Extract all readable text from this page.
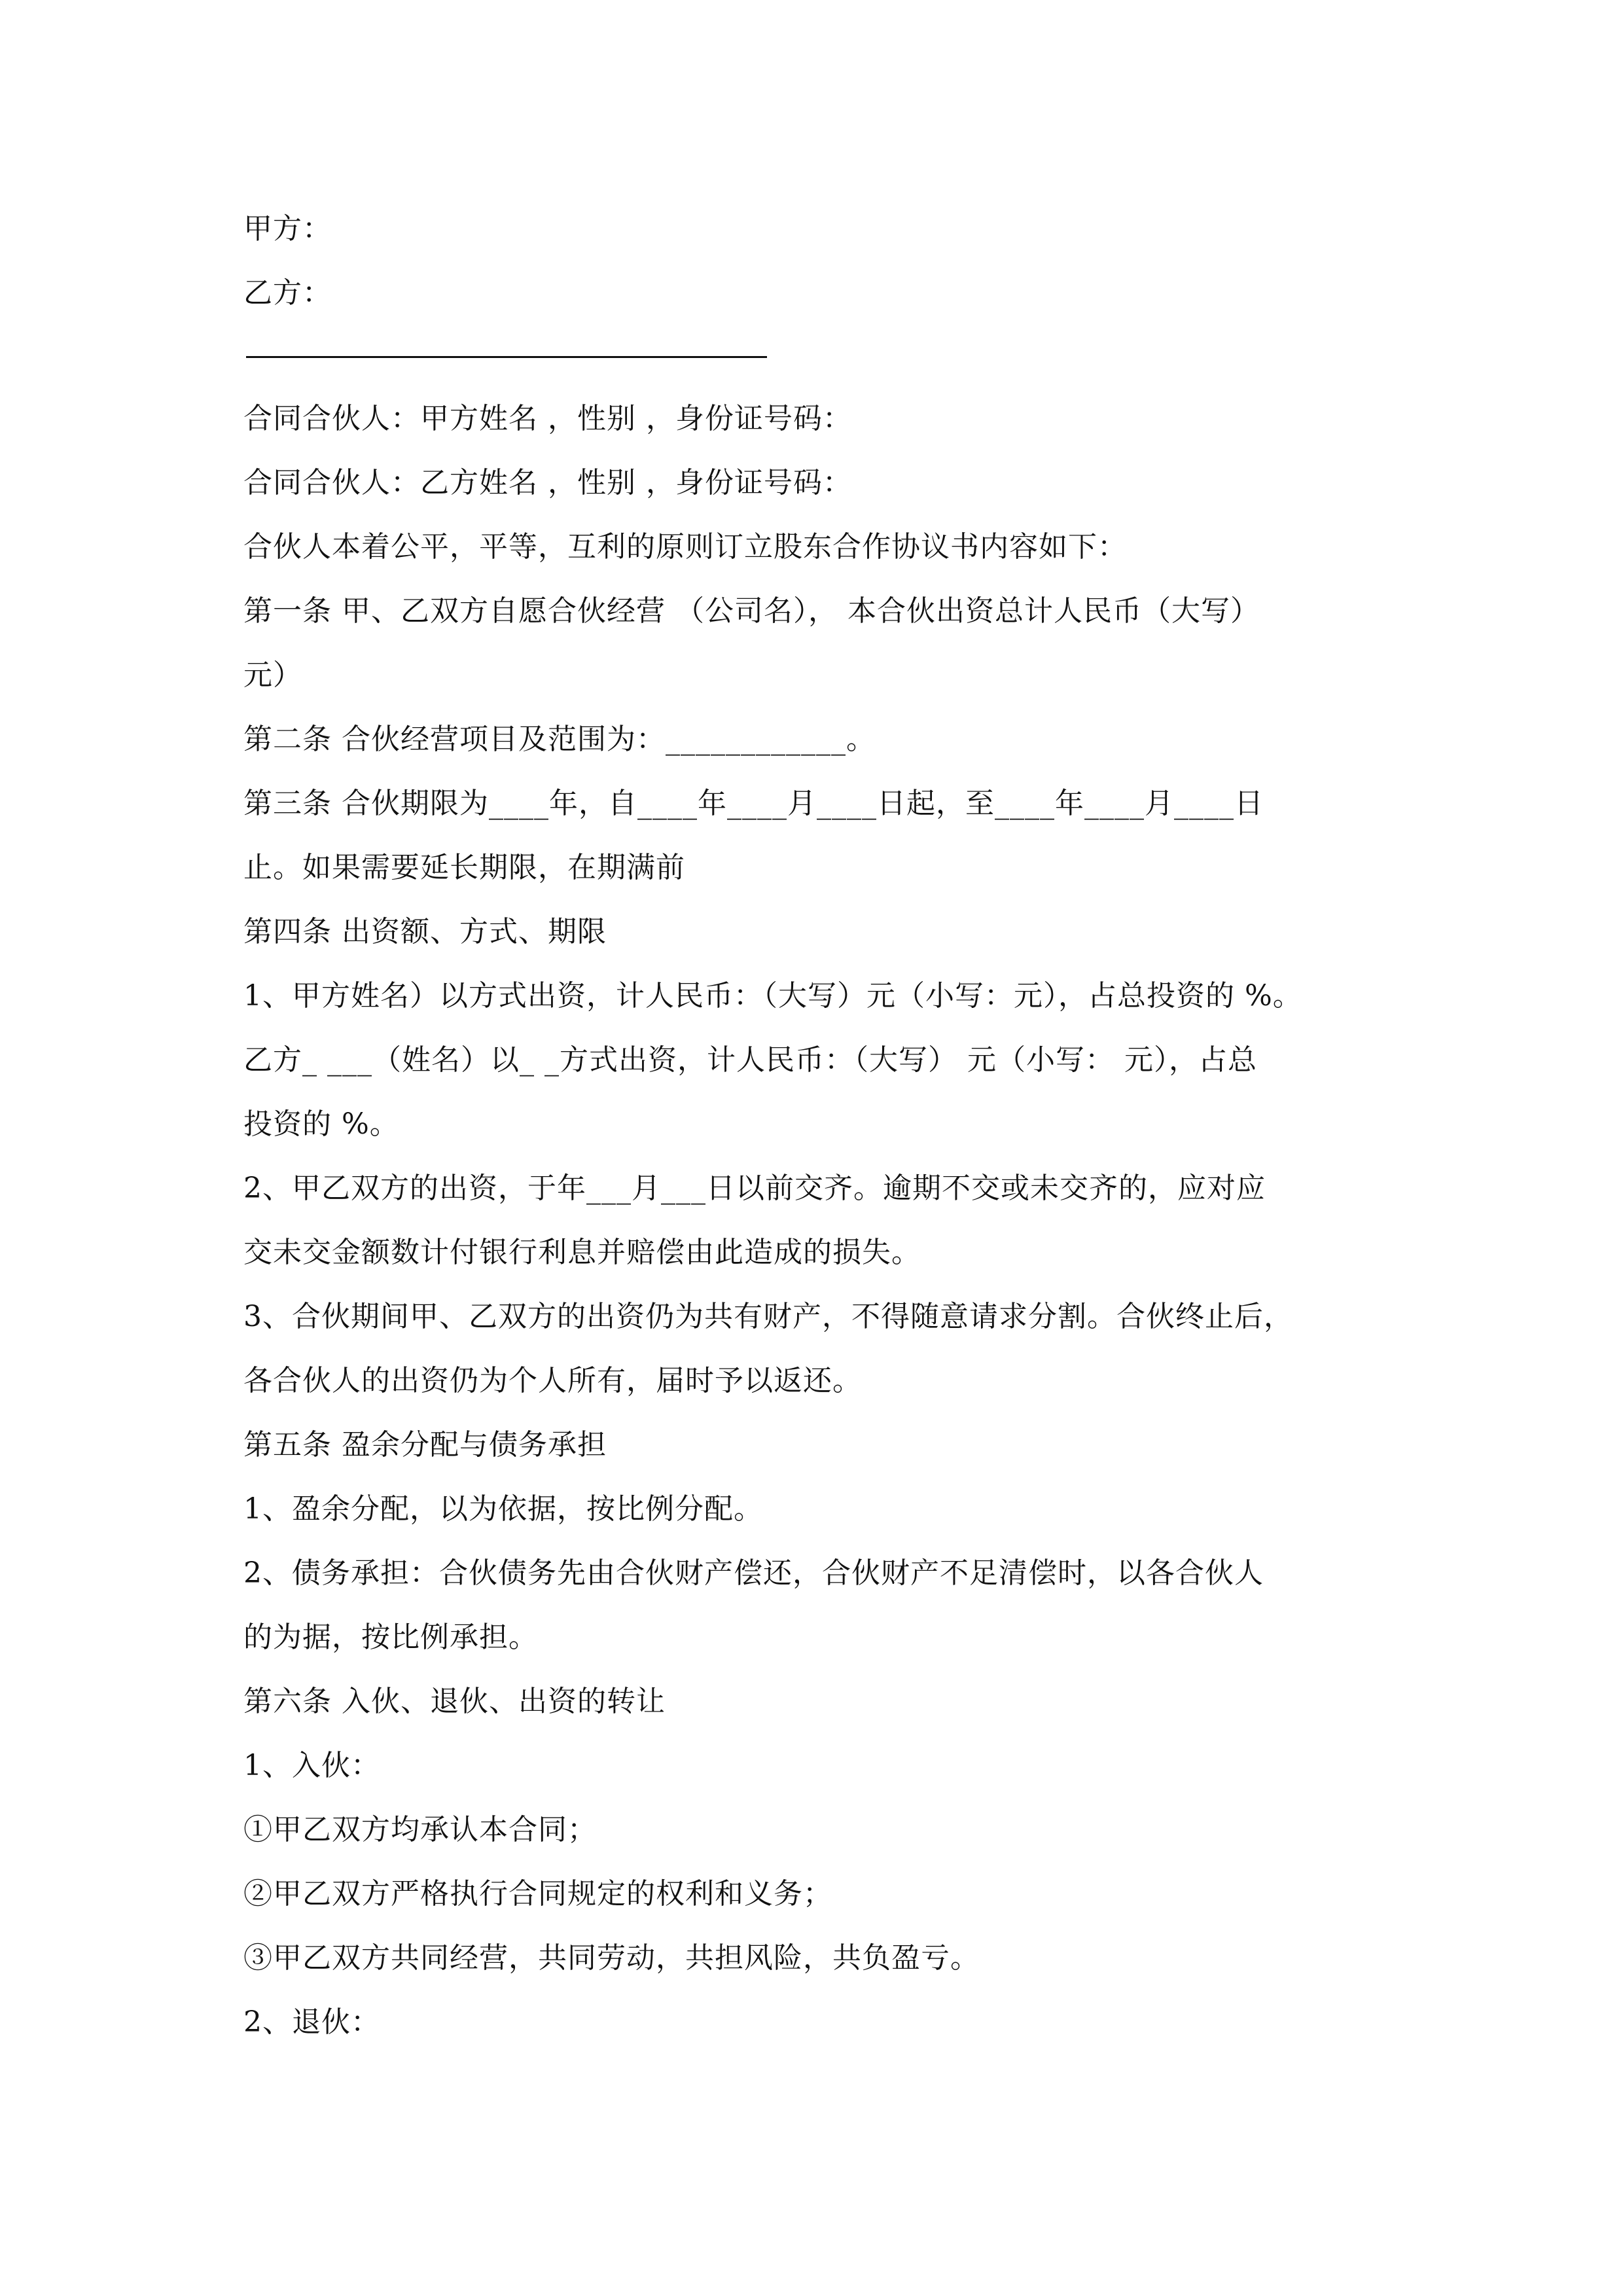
甲方：
乙方：
合同合伙人：甲方姓名 ，性别 ，身份证号码：
合同合伙人：乙方姓名 ，性别 ，身份证号码：
合伙人本着公平，平等，互利的原则订立股东合作协议书内容如下：
第一条 甲、乙双方自愿合伙经营 （公司名）， 本合伙出资总计人民币（大写）
元）
第二条 合伙经营项目及范围为：____________。
第三条 合伙期限为____年，自____年____月____日起，至____年____月____日
止。如果需要延长期限，在期满前
第四条 出资额、方式、期限
1、甲方姓名）以方式出资，计人民币：（大写）元（小写：元），占总投资的 %。
乙方_ ___（姓名）以_ _方式出资，计人民币：（大写） 元（小写： 元），占总
投资的 %。
2、甲乙双方的出资，于年___月___日以前交齐。逾期不交或未交齐的，应对应
交未交金额数计付银行利息并赔偿由此造成的损失。
3、合伙期间甲、乙双方的出资仍为共有财产，不得随意请求分割。合伙终止后，
各合伙人的出资仍为个人所有，届时予以返还。
第五条 盈余分配与债务承担
1、盈余分配，以为依据，按比例分配。
2、债务承担：合伙债务先由合伙财产偿还，合伙财产不足清偿时，以各合伙人
的为据，按比例承担。
第六条 入伙、退伙、出资的转让
1、入伙：
①甲乙双方均承认本合同；
②甲乙双方严格执行合同规定的权利和义务；
③甲乙双方共同经营，共同劳动，共担风险，共负盈亏。
2、退伙：
